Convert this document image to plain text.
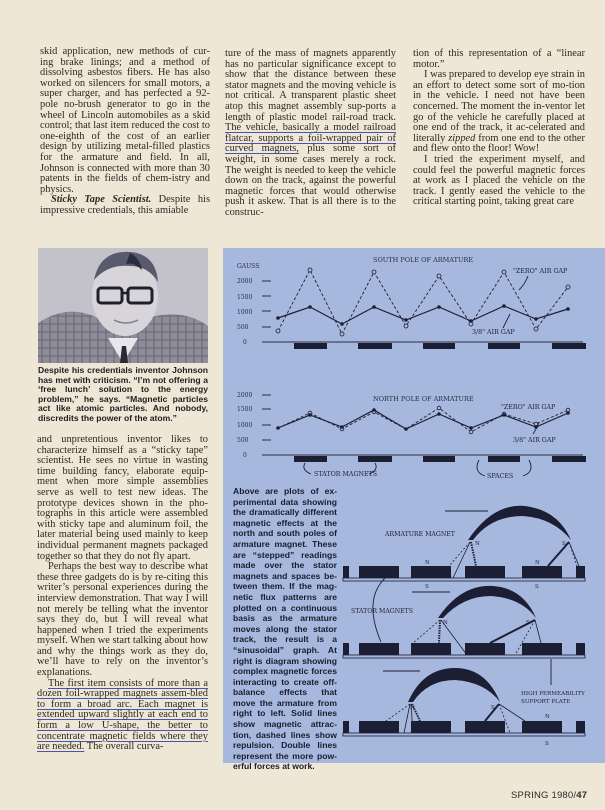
skid application, new methods of cur-ing brake linings; and a method of dissolving asbestos fibers. He has also worked on silencers for small motors, a super charger, and has perfected a 92-pole no-brush generator to go in the wheel of Lincoln automobiles as a skid control; that last item reduced the cost to one-eighth of the cost of an earlier design by utilizing metal-filled plastics for the armature and field. In all, Johnson is connected with more than 30 patents in the fields of chem-istry and physics.

Sticky Tape Scientist. Despite his impressive credentials, this amiable

ture of the mass of magnets apparently has no particular significance except to show that the distance between these stator magnets and the moving vehicle is not critical. A transparent plastic sheet atop this magnet assembly sup-ports a length of plastic model rail-road track. The vehicle, basically a model railroad flatcar, supports a foil-wrapped pair of curved magnets, plus some sort of weight, in some cases merely a rock. The weight is needed to keep the vehicle down on the track, against the powerful magnetic forces that would otherwise push it askew. That is all there is to the construc-

tion of this representation of a “linear motor.”

I was prepared to develop eye strain in an effort to detect some sort of mo-tion in the vehicle. I need not have been concerned. The moment the in-ventor let go of the vehicle he carefully placed at one end of the track, it ac-celerated and literally zipped from one end to the other and flew onto the floor! Wow!

I tried the experiment myself, and could feel the powerful magnetic forces at work as I placed the vehicle on the track. I gently eased the vehicle to the critical starting point, taking great care

Despite his credentials inventor Johnson has met with criticism. “I’m not offering a ‘free lunch’ solution to the energy problem,” he says. “Magnetic particles act like atomic particles. And nobody, discredits the power of the atom.”

and unpretentious inventor likes to characterize himself as a “sticky tape” scientist. He sees no virtue in wasting time building fancy, elaborate equip-ment when more simple assemblies serve as well to test new ideas. The prototype devices shown in the pho-tographs in this article were assembled with sticky tape and aluminum foil, the later material being used mainly to keep individual permanent magnets packaged together so that they do not fly apart.

Perhaps the best way to describe what these three gadgets do is by re-citing this writer’s personal experiences during the interview demonstration. That way I will not merely be telling what the inventor says they do, but I will reveal what happened when I tried the experiments myself. When we start talking about how and why the things work as they do, we’ll have to rely on the inventor’s explanations.

The first item consists of more than a dozen foil-wrapped magnets assem-bled to form a broad arc. Each magnet is extended upward slightly at each end to form a low U-shape, the better to concentrate magnetic fields where they are needed. The overall curva-

SOUTH POLE OF ARMATURE
GAUSS
2000
1500
1000
500
0
"ZERO" AIR GAP
3/8" AIR GAP
NORTH POLE OF ARMATURE
2000
1500
1000
500
0
"ZERO" AIR GAP
3/8" AIR GAP
STATOR MAGNETS	SPACES
ARMATURE MAGNET
N	S
N	N
S	S
STATOR MAGNETS
N	S
N	S
HIGH PERMEABILITY
SUPPORT PLATE
N
S
Above are plots of ex-perimental data showing the dramatically different magnetic effects at the north and south poles of armature magnet. These are “stepped” readings made over the stator magnets and spaces be-tween them. If the mag-netic flux patterns are plotted on a continuous basis as the armature moves along the stator track, the result is a “sinusoidal” graph. At right is diagram showing complex magnetic forces interacting to create off-balance effects that move the armature from right to left. Solid lines show magnetic attrac-tion, dashed lines show repulsion. Double lines represent the more pow-erful forces at work.
SPRING 1980/47
